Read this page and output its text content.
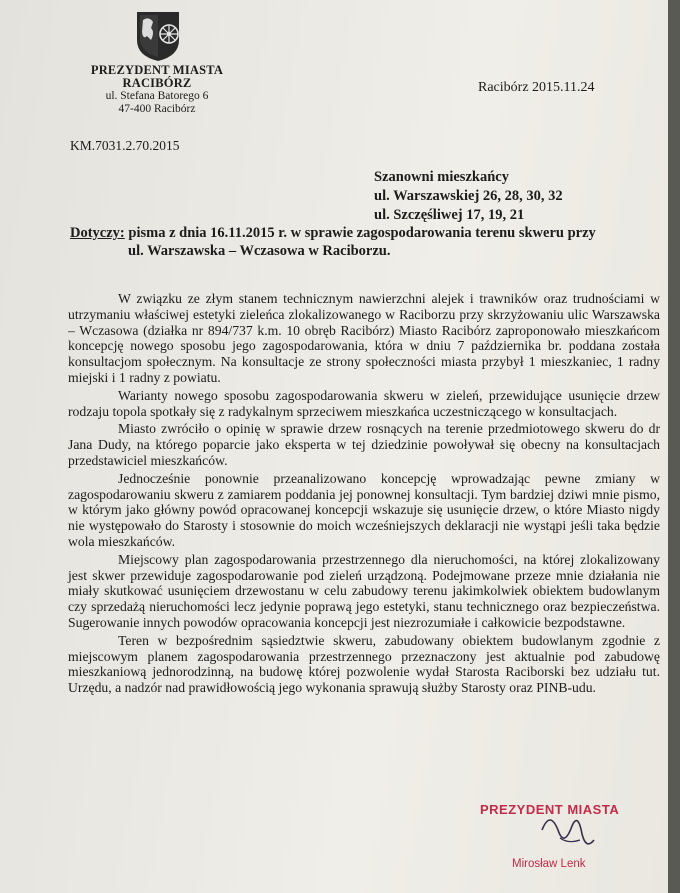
PREZYDENT MIASTA
RACIBÓRZ
ul. Stefana Batorego 6
47-400 Racibórz
Racibórz 2015.11.24
KM.7031.2.70.2015
Szanowni mieszkańcy
ul. Warszawskiej 26, 28, 30, 32
ul. Szczęśliwej 17, 19, 21
Dotyczy: pisma z dnia 16.11.2015 r. w sprawie zagospodarowania terenu skweru przy
ul. Warszawska – Wczasowa w Raciborzu.

W związku ze złym stanem technicznym nawierzchni alejek i trawników oraz trudnościami w utrzymaniu właściwej estetyki zieleńca zlokalizowanego w Raciborzu przy skrzyżowaniu ulic Warszawska – Wczasowa (działka nr 894/737 k.m. 10 obręb Racibórz) Miasto Racibórz zaproponowało mieszkańcom koncepcję nowego sposobu jego zagospodarowania, która w dniu 7 października br. poddana została konsultacjom społecznym. Na konsultacje ze strony społeczności miasta przybył 1 mieszkaniec, 1 radny miejski i 1 radny z powiatu.

Warianty nowego sposobu zagospodarowania skweru w zieleń, przewidujące usunięcie drzew rodzaju topola spotkały się z radykalnym sprzeciwem mieszkańca uczestniczącego w konsultacjach.

Miasto zwróciło o opinię w sprawie drzew rosnących na terenie przedmiotowego skweru do dr Jana Dudy, na którego poparcie jako eksperta w tej dziedzinie powoływał się obecny na konsultacjach przedstawiciel mieszkańców.

Jednocześnie ponownie przeanalizowano koncepcję wprowadzając pewne zmiany w zagospodarowaniu skweru z zamiarem poddania jej ponownej konsultacji. Tym bardziej dziwi mnie pismo, w którym jako główny powód opracowanej koncepcji wskazuje się usunięcie drzew, o które Miasto nigdy nie występowało do Starosty i stosownie do moich wcześniejszych deklaracji nie wystąpi jeśli taka będzie wola mieszkańców.

Miejscowy plan zagospodarowania przestrzennego dla nieruchomości, na której zlokalizowany jest skwer przewiduje zagospodarowanie pod zieleń urządzoną. Podejmowane przeze mnie działania nie miały skutkować usunięciem drzewostanu w celu zabudowy terenu jakimkolwiek obiektem budowlanym czy sprzedażą nieruchomości lecz jedynie poprawą jego estetyki, stanu technicznego oraz bezpieczeństwa. Sugerowanie innych powodów opracowania koncepcji jest niezrozumiałe i całkowicie bezpodstawne.

Teren w bezpośrednim sąsiedztwie skweru, zabudowany obiektem budowlanym zgodnie z miejscowym planem zagospodarowania przestrzennego przeznaczony jest aktualnie pod zabudowę mieszkaniową jednorodzinną, na budowę której pozwolenie wydał Starosta Raciborski bez udziału tut. Urzędu, a nadzór nad prawidłowością jego wykonania sprawują służby Starosty oraz PINB-udu.

PREZYDENT MIASTA
Mirosław Lenk
